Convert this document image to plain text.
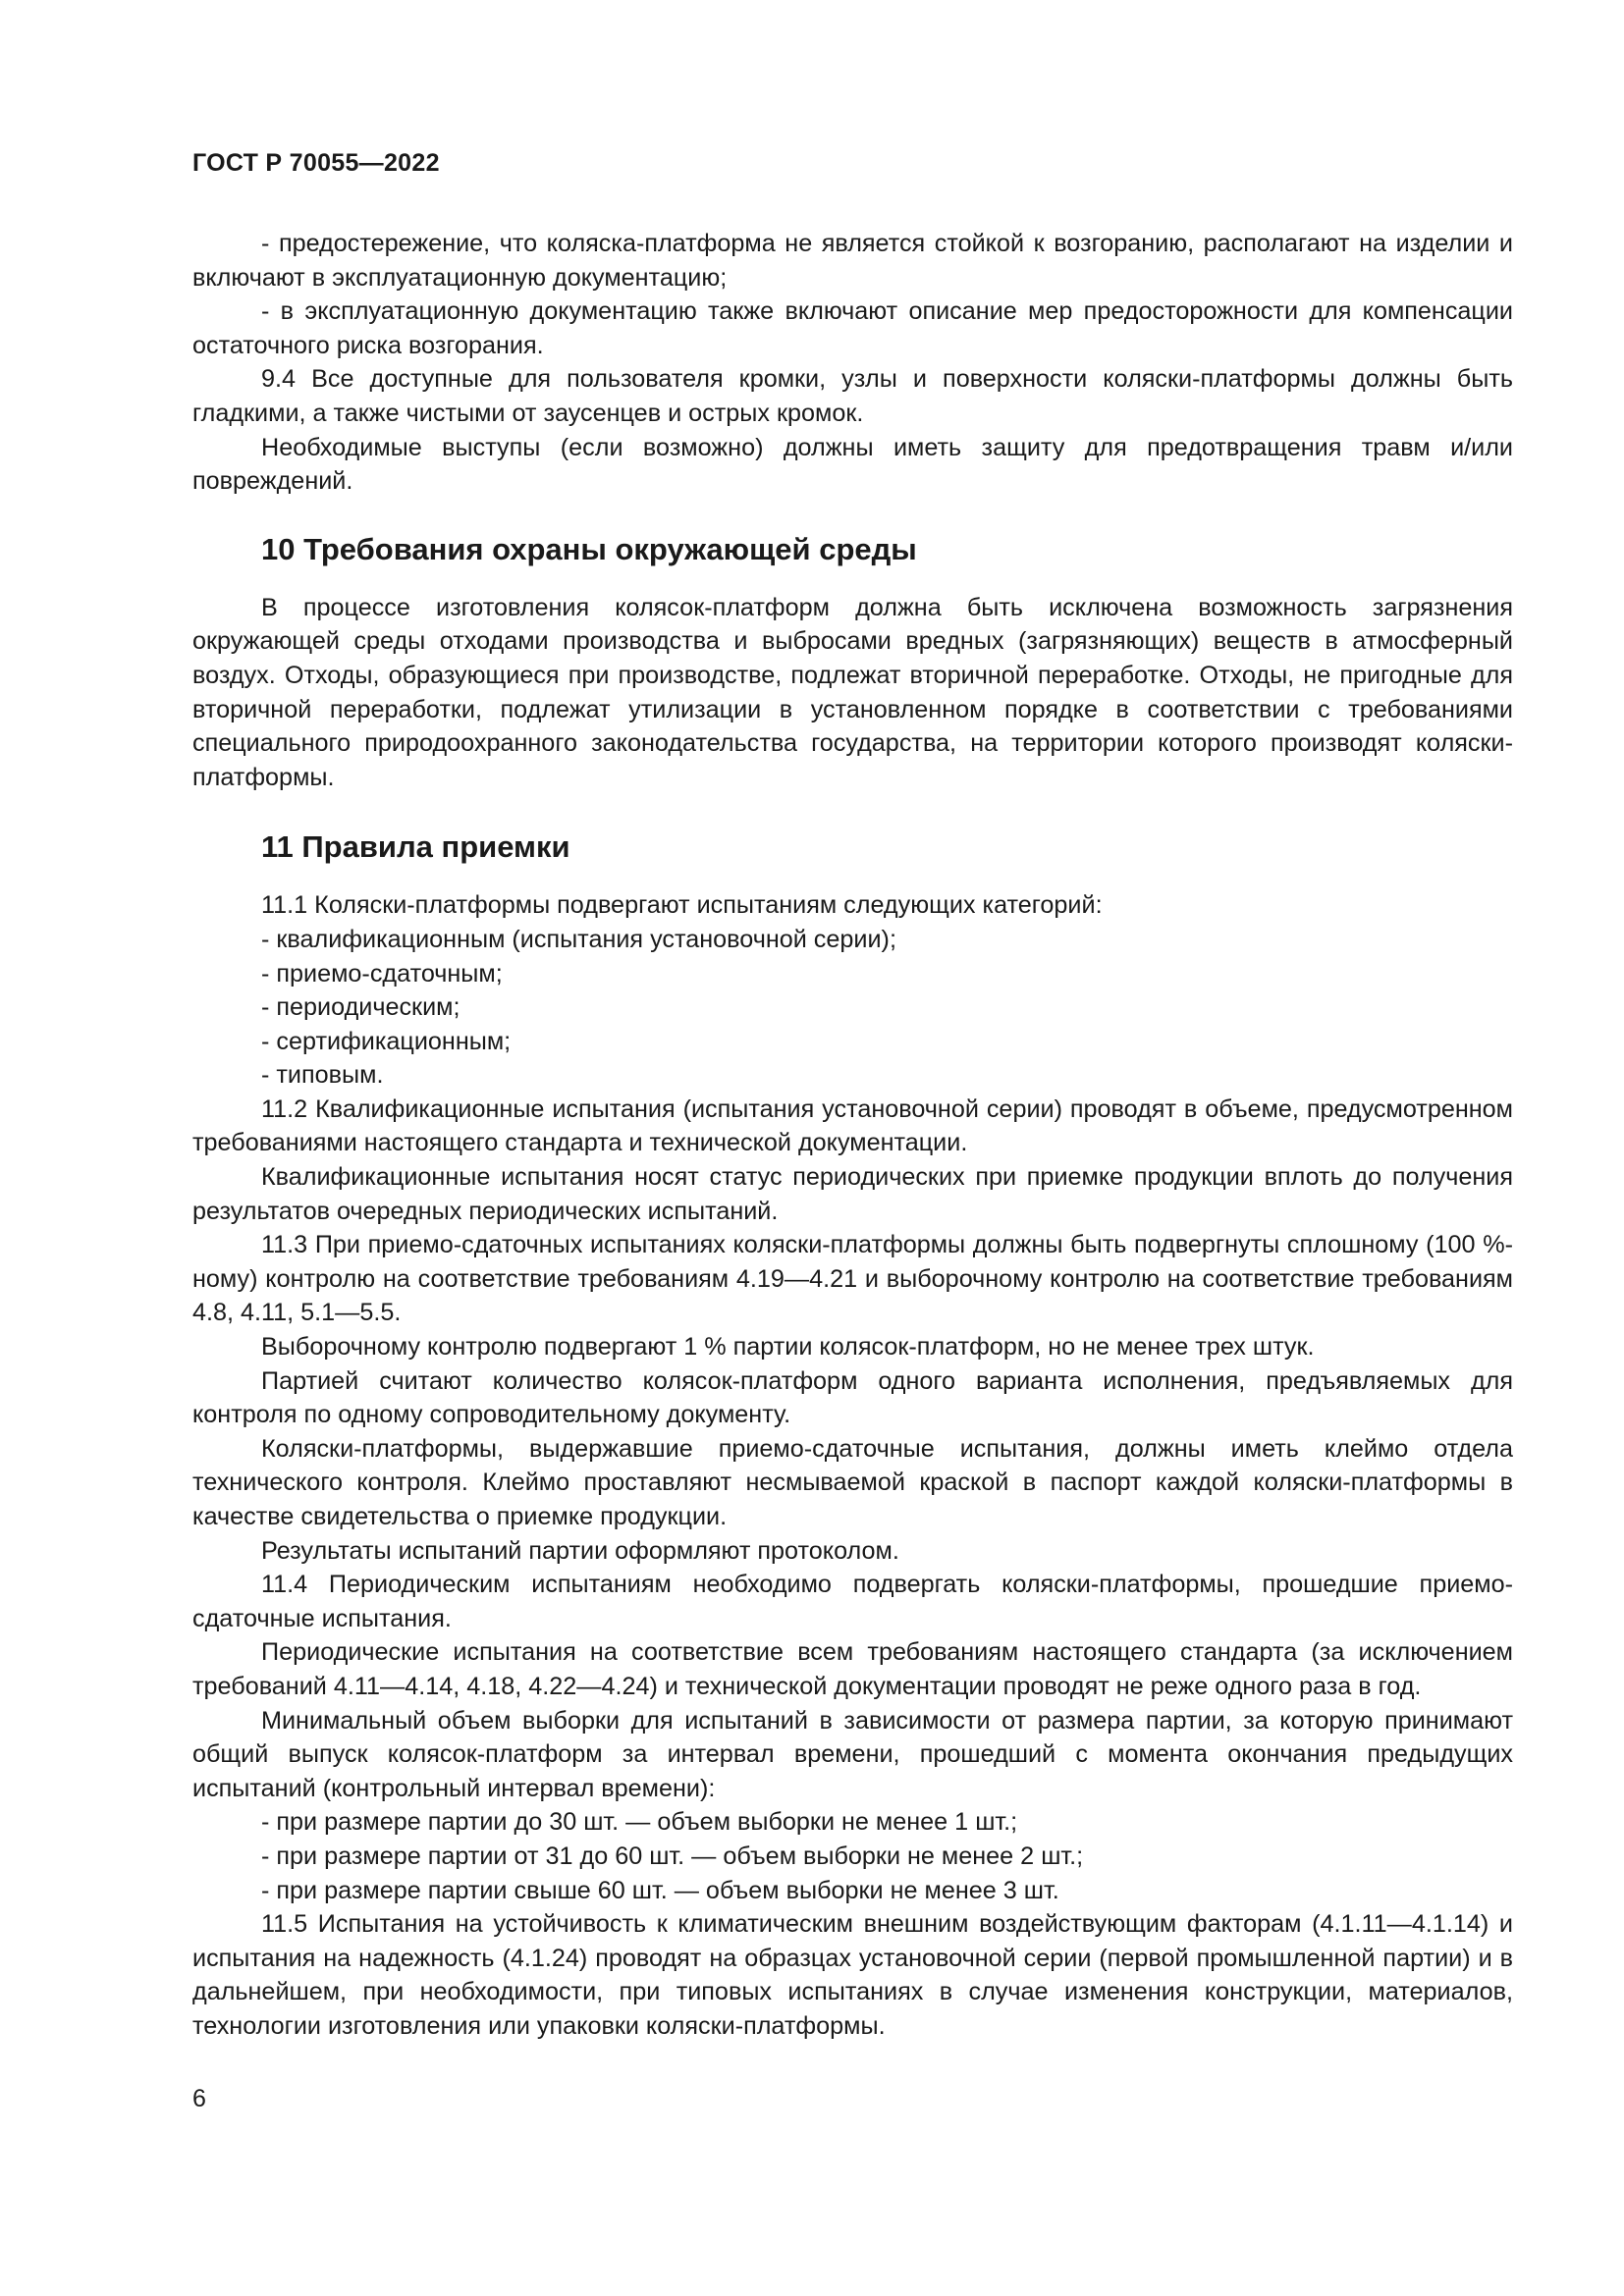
ГОСТ Р 70055—2022

- предостережение, что коляска-платформа не является стойкой к возгоранию, располагают на изделии и включают в эксплуатационную документацию;

- в эксплуатационную документацию также включают описание мер предосторожности для компенсации остаточного риска возгорания.

9.4 Все доступные для пользователя кромки, узлы и поверхности коляски-платформы должны быть гладкими, а также чистыми от заусенцев и острых кромок.

Необходимые выступы (если возможно) должны иметь защиту для предотвращения травм и/или повреждений.

10 Требования охраны окружающей среды

В процессе изготовления колясок-платформ должна быть исключена возможность загрязнения окружающей среды отходами производства и выбросами вредных (загрязняющих) веществ в атмосферный воздух. Отходы, образующиеся при производстве, подлежат вторичной переработке. Отходы, не пригодные для вторичной переработки, подлежат утилизации в установленном порядке в соответствии с требованиями специального природоохранного законодательства государства, на территории которого производят коляски-платформы.

11 Правила приемки

11.1 Коляски-платформы подвергают испытаниям следующих категорий:

- квалификационным (испытания установочной серии);

- приемо-сдаточным;

- периодическим;

- сертификационным;

- типовым.

11.2 Квалификационные испытания (испытания установочной серии) проводят в объеме, предусмотренном требованиями настоящего стандарта и технической документации.

Квалификационные испытания носят статус периодических при приемке продукции вплоть до получения результатов очередных периодических испытаний.

11.3 При приемо-сдаточных испытаниях коляски-платформы должны быть подвергнуты сплошному (100 %-ному) контролю на соответствие требованиям 4.19—4.21 и выборочному контролю на соответствие требованиям 4.8, 4.11, 5.1—5.5.

Выборочному контролю подвергают 1 % партии колясок-платформ, но не менее трех штук.

Партией считают количество колясок-платформ одного варианта исполнения, предъявляемых для контроля по одному сопроводительному документу.

Коляски-платформы, выдержавшие приемо-сдаточные испытания, должны иметь клеймо отдела технического контроля. Клеймо проставляют несмываемой краской в паспорт каждой коляски-платформы в качестве свидетельства о приемке продукции.

Результаты испытаний партии оформляют протоколом.

11.4 Периодическим испытаниям необходимо подвергать коляски-платформы, прошедшие приемо-сдаточные испытания.

Периодические испытания на соответствие всем требованиям настоящего стандарта (за исключением требований 4.11—4.14, 4.18, 4.22—4.24) и технической документации проводят не реже одного раза в год.

Минимальный объем выборки для испытаний в зависимости от размера партии, за которую принимают общий выпуск колясок-платформ за интервал времени, прошедший с момента окончания предыдущих испытаний (контрольный интервал времени):

- при размере партии до 30 шт. — объем выборки не менее 1 шт.;

- при размере партии от 31 до 60 шт. — объем выборки не менее 2 шт.;

- при размере партии свыше 60 шт. — объем выборки не менее 3 шт.

11.5 Испытания на устойчивость к климатическим внешним воздействующим факторам (4.1.11—4.1.14) и испытания на надежность (4.1.24) проводят на образцах установочной серии (первой промышленной партии) и в дальнейшем, при необходимости, при типовых испытаниях в случае изменения конструкции, материалов, технологии изготовления или упаковки коляски-платформы.

6
